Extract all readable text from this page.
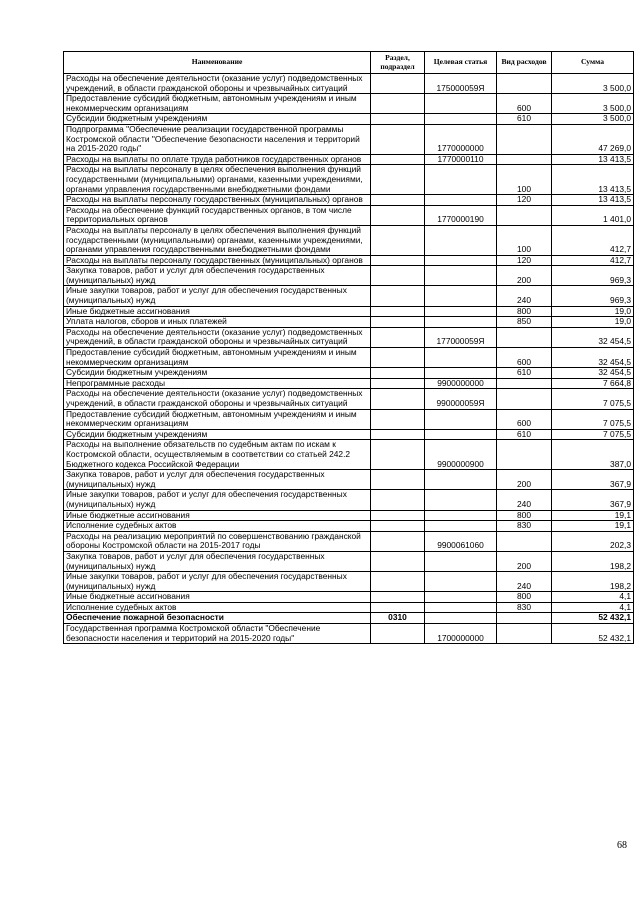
Наименование	Раздел, подраздел	Целевая статья	Вид расходов	Сумма
Расходы на обеспечение деятельности (оказание услуг) подведомственных учреждений, в области гражданской обороны и чрезвычайных ситуаций		175000059Я		3 500,0
Предоставление субсидий бюджетным, автономным учреждениям и иным некоммерческим организациям			600	3 500,0
Субсидии бюджетным учреждениям			610	3 500,0
Подпрограмма "Обеспечение реализации государственной программы Костромской области "Обеспечение безопасности населения и территорий на 2015-2020 годы"		1770000000		47 269,0
Расходы на выплаты по оплате труда работников государственных органов		1770000110		13 413,5
Расходы на выплаты персоналу в целях обеспечения выполнения функций государственными (муниципальными) органами, казенными учреждениями, органами управления государственными внебюджетными фондами			100	13 413,5
Расходы на выплаты персоналу государственных (муниципальных) органов			120	13 413,5
Расходы на обеспечение функций государственных органов, в том числе территориальных органов		1770000190		1 401,0
Расходы на выплаты персоналу в целях обеспечения выполнения функций государственными (муниципальными) органами, казенными учреждениями, органами управления государственными внебюджетными фондами			100	412,7
Расходы на выплаты персоналу государственных (муниципальных) органов			120	412,7
Закупка товаров, работ и услуг для обеспечения государственных (муниципальных) нужд			200	969,3
Иные закупки товаров, работ и услуг для обеспечения государственных (муниципальных) нужд			240	969,3
Иные бюджетные ассигнования			800	19,0
Уплата налогов, сборов и иных платежей			850	19,0
Расходы на обеспечение деятельности (оказание услуг) подведомственных учреждений, в области гражданской обороны и чрезвычайных ситуаций		177000059Я		32 454,5
Предоставление субсидий бюджетным, автономным учреждениям и иным некоммерческим организациям			600	32 454,5
Субсидии бюджетным учреждениям			610	32 454,5
Непрограммные расходы		9900000000		7 664,8
Расходы на обеспечение деятельности (оказание услуг) подведомственных учреждений, в области гражданской обороны и чрезвычайных ситуаций		990000059Я		7 075,5
Предоставление субсидий бюджетным, автономным учреждениям и иным некоммерческим организациям			600	7 075,5
Субсидии бюджетным учреждениям			610	7 075,5
Расходы на выполнение обязательств по судебным актам по искам к Костромской области, осуществляемым в соответствии со статьей 242.2 Бюджетного кодекса Российской Федерации		9900000900		387,0
Закупка товаров, работ и услуг для обеспечения государственных (муниципальных) нужд			200	367,9
Иные закупки товаров, работ и услуг для обеспечения государственных (муниципальных) нужд			240	367,9
Иные бюджетные ассигнования			800	19,1
Исполнение судебных актов			830	19,1
Расходы на реализацию мероприятий по совершенствованию гражданской обороны Костромской области на 2015-2017 годы		9900061060		202,3
Закупка товаров, работ и услуг для обеспечения государственных (муниципальных) нужд			200	198,2
Иные закупки товаров, работ и услуг для обеспечения государственных (муниципальных) нужд			240	198,2
Иные бюджетные ассигнования			800	4,1
Исполнение судебных актов			830	4,1
Обеспечение пожарной безопасности	0310			52 432,1
Государственная программа Костромской области "Обеспечение безопасности населения и территорий на 2015-2020 годы"		1700000000		52 432,1
68
